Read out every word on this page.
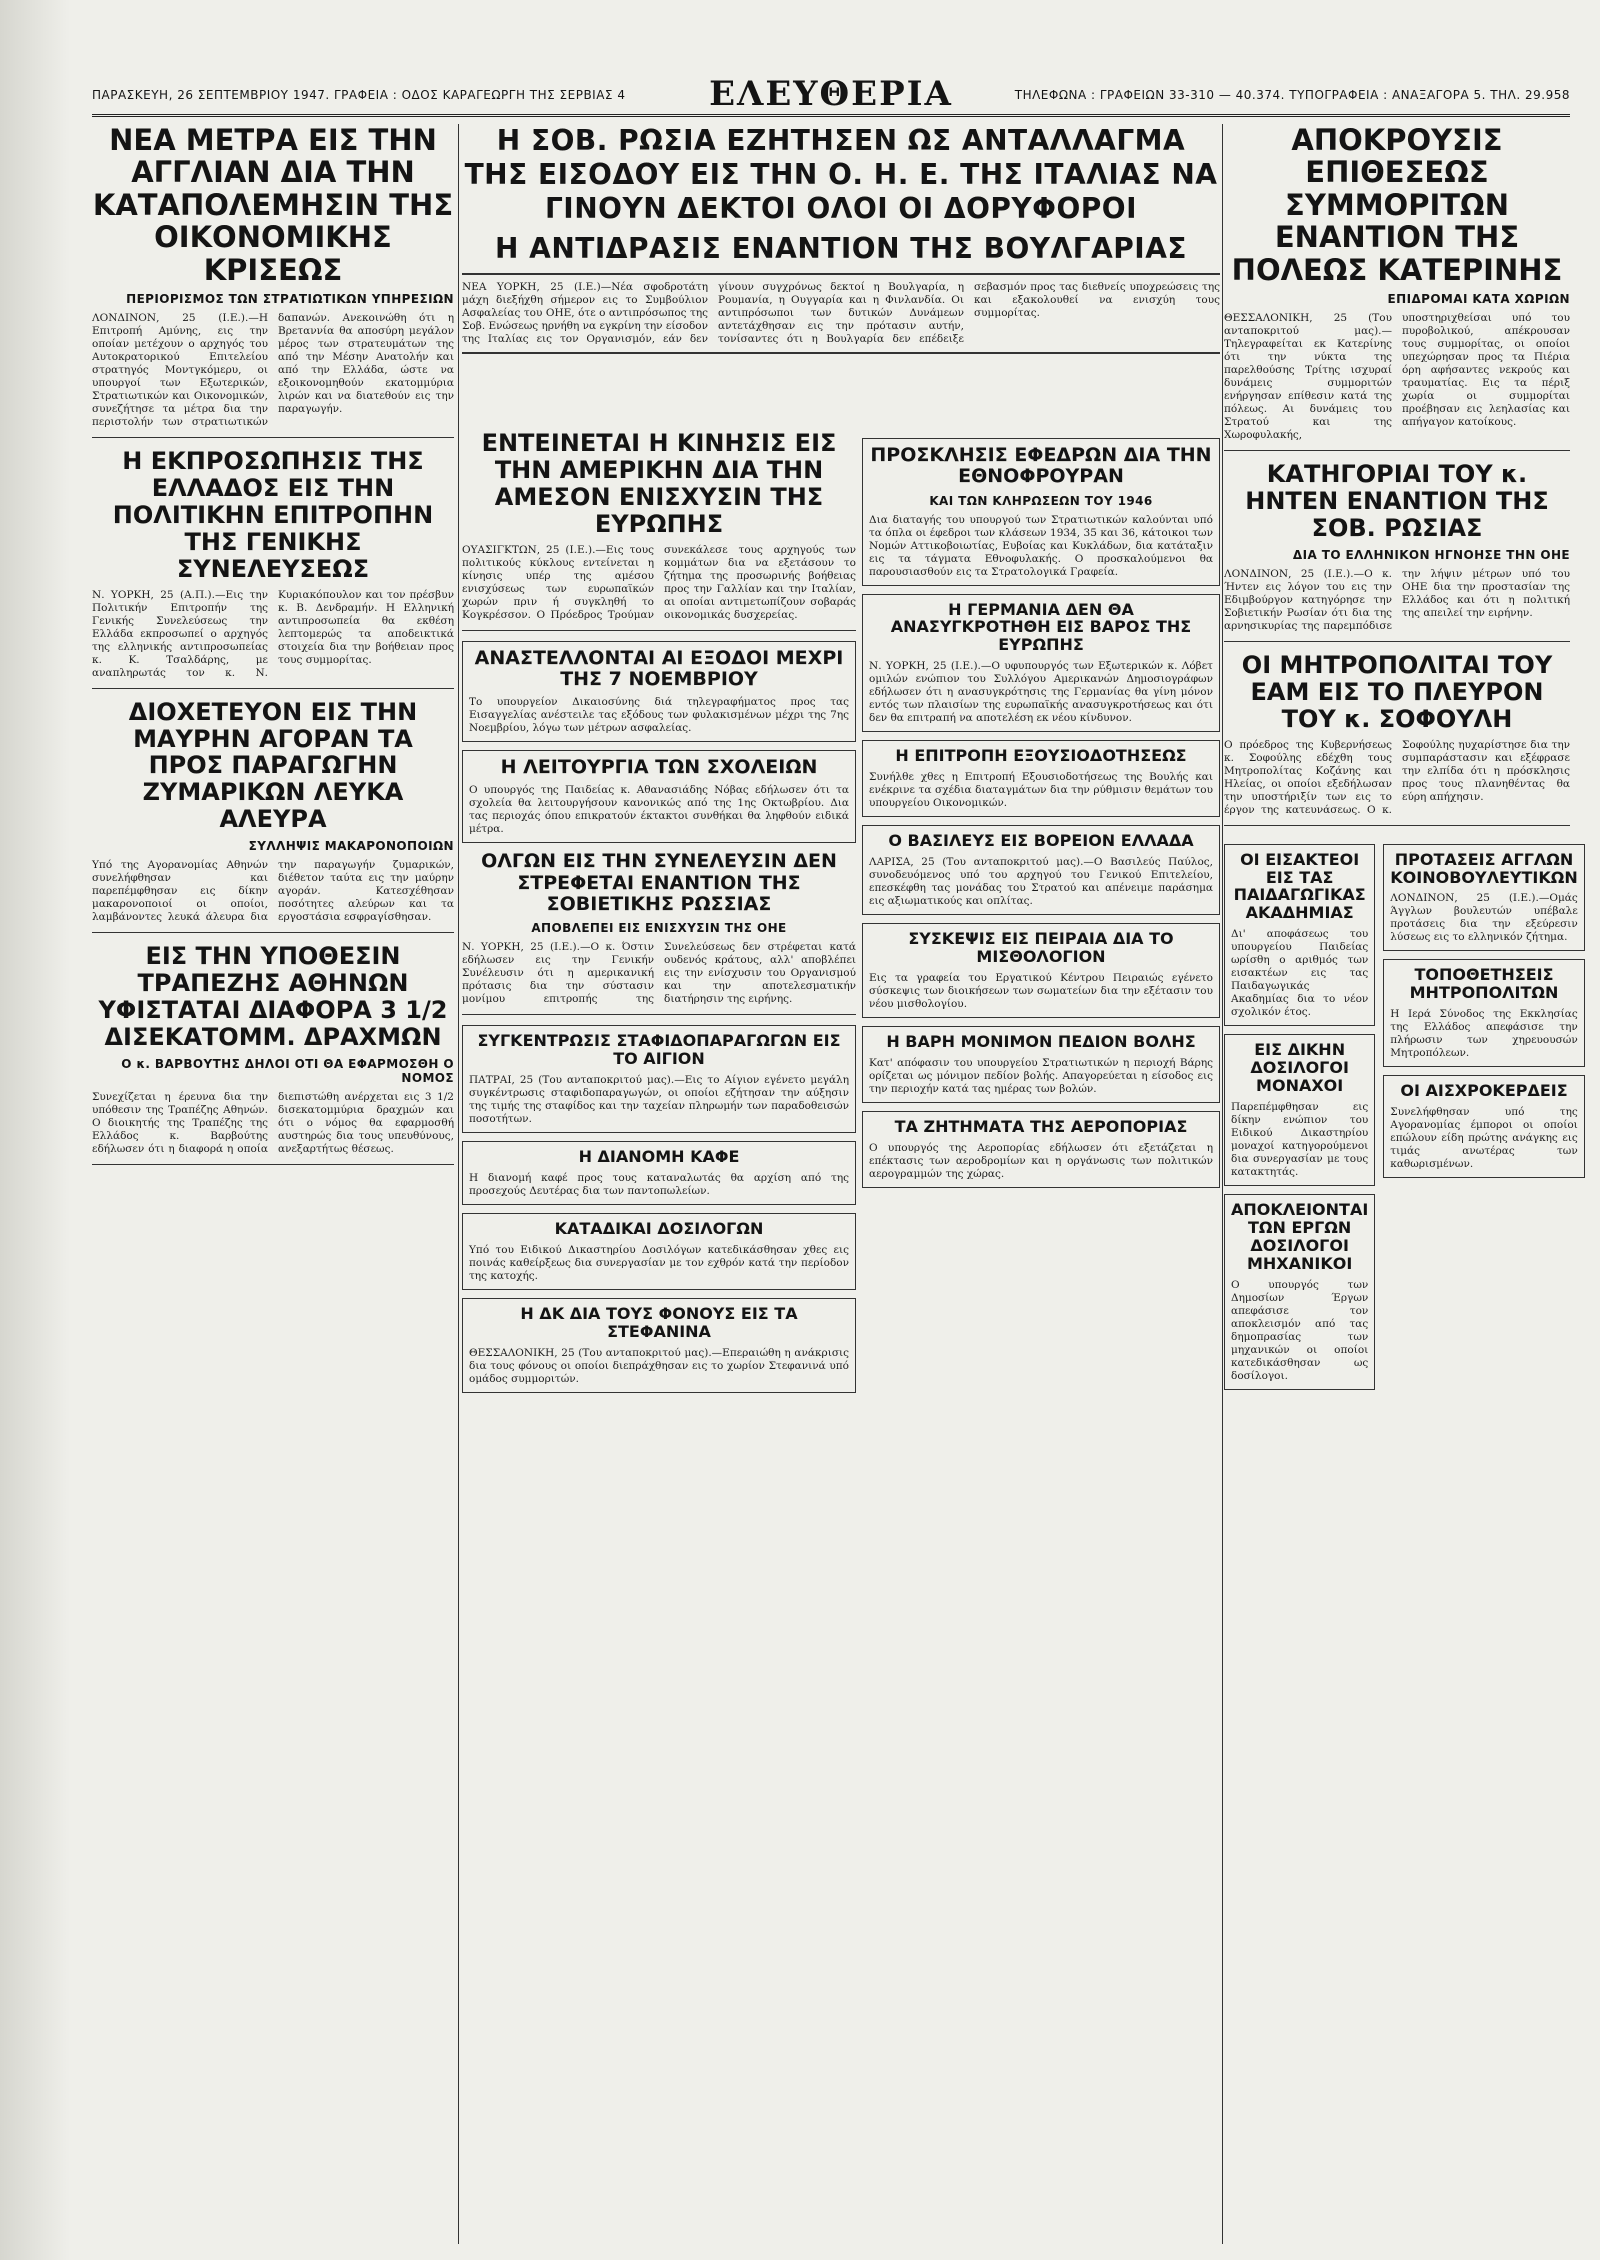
ΠΑΡΑΣΚΕΥΗ, 26 ΣΕΠΤΕΜΒΡΙΟΥ 1947. ΓΡΑΦΕΙΑ : ΟΔΟΣ ΚΑΡΑΓΕΩΡΓΗ ΤΗΣ ΣΕΡΒΙΑΣ 4	ΕΛΕΥΘΕΡΙΑ	ΤΗΛΕΦΩΝΑ : ΓΡΑΦΕΙΩΝ 33-310 — 40.374. ΤΥΠΟΓΡΑΦΕΙΑ : ΑΝΑΞΑΓΟΡΑ 5. ΤΗΛ. 29.958
ΝΕΑ ΜΕΤΡΑ ΕΙΣ ΤΗΝ ΑΓΓΛΙΑΝ ΔΙΑ ΤΗΝ ΚΑΤΑΠΟΛΕΜΗΣΙΝ ΤΗΣ ΟΙΚΟΝΟΜΙΚΗΣ ΚΡΙΣΕΩΣ
ΠΕΡΙΟΡΙΣΜΟΣ ΤΩΝ ΣΤΡΑΤΙΩΤΙΚΩΝ ΥΠΗΡΕΣΙΩΝ

ΛΟΝΔΙΝΟΝ, 25 (Ι.Ε.).—Η Επιτροπή Αμύνης, εις την οποίαν μετέχουν ο αρχηγός του Αυτοκρατορικού Επιτελείου στρατηγός Μοντγκόμερυ, οι υπουργοί των Εξωτερικών, Στρατιωτικών και Οικονομικών, συνεζήτησε τα μέτρα δια την περιστολήν των στρατιωτικών δαπανών. Ανεκοινώθη ότι η Βρεταννία θα αποσύρη μεγάλον μέρος των στρατευμάτων της από την Μέσην Ανατολήν και από την Ελλάδα, ώστε να εξοικονομηθούν εκατομμύρια λιρών και να διατεθούν εις την παραγωγήν.

Η ΕΚΠΡΟΣΩΠΗΣΙΣ ΤΗΣ ΕΛΛΑΔΟΣ ΕΙΣ ΤΗΝ ΠΟΛΙΤΙΚΗΝ ΕΠΙΤΡΟΠΗΝ ΤΗΣ ΓΕΝΙΚΗΣ ΣΥΝΕΛΕΥΣΕΩΣ

Ν. ΥΟΡΚΗ, 25 (Α.Π.).—Εις την Πολιτικήν Επιτροπήν της Γενικής Συνελεύσεως την Ελλάδα εκπροσωπεί ο αρχηγός της ελληνικής αντιπροσωπείας κ. Κ. Τσαλδάρης, με αναπληρωτάς τον κ. Ν. Κυριακόπουλον και τον πρέσβυν κ. Β. Δενδραμήν. Η Ελληνική αντιπροσωπεία θα εκθέση λεπτομερώς τα αποδεικτικά στοιχεία δια την βοήθειαν προς τους συμμορίτας.

ΔΙΟΧΕΤΕΥΟΝ ΕΙΣ ΤΗΝ ΜΑΥΡΗΝ ΑΓΟΡΑΝ ΤΑ ΠΡΟΣ ΠΑΡΑΓΩΓΗΝ ΖΥΜΑΡΙΚΩΝ ΛΕΥΚΑ ΑΛΕΥΡΑ
ΣΥΛΛΗΨΙΣ ΜΑΚΑΡΟΝΟΠΟΙΩΝ

Υπό της Αγορανομίας Αθηνών συνελήφθησαν και παρεπέμφθησαν εις δίκην μακαρονοποιοί οι οποίοι, λαμβάνοντες λευκά άλευρα δια την παραγωγήν ζυμαρικών, διέθετον ταύτα εις την μαύρην αγοράν. Κατεσχέθησαν ποσότητες αλεύρων και τα εργοστάσια εσφραγίσθησαν.

ΕΙΣ ΤΗΝ ΥΠΟΘΕΣΙΝ ΤΡΑΠΕΖΗΣ ΑΘΗΝΩΝ ΥΦΙΣΤΑΤΑΙ ΔΙΑΦΟΡΑ 3 1/2 ΔΙΣΕΚΑΤΟΜΜ. ΔΡΑΧΜΩΝ
Ο κ. ΒΑΡΒΟΥΤΗΣ ΔΗΛΟΙ ΟΤΙ ΘΑ ΕΦΑΡΜΟΣΘΗ Ο ΝΟΜΟΣ

Συνεχίζεται η έρευνα δια την υπόθεσιν της Τραπέζης Αθηνών. Ο διοικητής της Τραπέζης της Ελλάδος κ. Βαρβούτης εδήλωσεν ότι η διαφορά η οποία διεπιστώθη ανέρχεται εις 3 1/2 δισεκατομμύρια δραχμών και ότι ο νόμος θα εφαρμοσθή αυστηρώς δια τους υπευθύνους, ανεξαρτήτως θέσεως.

Η ΣΟΒ. ΡΩΣΙΑ ΕΖΗΤΗΣΕΝ ΩΣ ΑΝΤΑΛΛΑΓΜΑ ΤΗΣ ΕΙΣΟΔΟΥ ΕΙΣ ΤΗΝ Ο. Η. Ε. ΤΗΣ ΙΤΑΛΙΑΣ ΝΑ ΓΙΝΟΥΝ ΔΕΚΤΟΙ ΟΛΟΙ ΟΙ ΔΟΡΥΦΟΡΟΙ
Η ΑΝΤΙΔΡΑΣΙΣ ΕΝΑΝΤΙΟΝ ΤΗΣ ΒΟΥΛΓΑΡΙΑΣ

ΝΕΑ ΥΟΡΚΗ, 25 (Ι.Ε.)—Νέα σφοδροτάτη μάχη διεξήχθη σήμερον εις το Συμβούλιον Ασφαλείας του ΟΗΕ, ότε ο αντιπρόσωπος της Σοβ. Ενώσεως ηρνήθη να εγκρίνη την είσοδον της Ιταλίας εις τον Οργανισμόν, εάν δεν γίνουν συγχρόνως δεκτοί η Βουλγαρία, η Ρουμανία, η Ουγγαρία και η Φινλανδία. Οι αντιπρόσωποι των δυτικών Δυνάμεων αντετάχθησαν εις την πρότασιν αυτήν, τονίσαντες ότι η Βουλγαρία δεν επέδειξε σεβασμόν προς τας διεθνείς υποχρεώσεις της και εξακολουθεί να ενισχύη τους συμμορίτας.

ΕΝΤΕΙΝΕΤΑΙ Η ΚΙΝΗΣΙΣ ΕΙΣ ΤΗΝ ΑΜΕΡΙΚΗΝ ΔΙΑ ΤΗΝ ΑΜΕΣΟΝ ΕΝΙΣΧΥΣΙΝ ΤΗΣ ΕΥΡΩΠΗΣ

ΟΥΑΣΙΓΚΤΩΝ, 25 (Ι.Ε.).—Εις τους πολιτικούς κύκλους εντείνεται η κίνησις υπέρ της αμέσου ενισχύσεως των ευρωπαϊκών χωρών πριν ή συγκληθή το Κογκρέσσον. Ο Πρόεδρος Τρούμαν συνεκάλεσε τους αρχηγούς των κομμάτων δια να εξετάσουν το ζήτημα της προσωρινής βοήθειας προς την Γαλλίαν και την Ιταλίαν, αι οποίαι αντιμετωπίζουν σοβαράς οικονομικάς δυσχερείας.

ΑΝΑΣΤΕΛΛΟΝΤΑΙ ΑΙ ΕΞΟΔΟΙ ΜΕΧΡΙ ΤΗΣ 7 ΝΟΕΜΒΡΙΟΥ

Το υπουργείον Δικαιοσύνης διά τηλεγραφήματος προς τας Εισαγγελίας ανέστειλε τας εξόδους των φυλακισμένων μέχρι της 7ης Νοεμβρίου, λόγω των μέτρων ασφαλείας.

Η ΛΕΙΤΟΥΡΓΙΑ ΤΩΝ ΣΧΟΛΕΙΩΝ

Ο υπουργός της Παιδείας κ. Αθανασιάδης Νόβας εδήλωσεν ότι τα σχολεία θα λειτουργήσουν κανονικώς από της 1ης Οκτωβρίου. Δια τας περιοχάς όπου επικρατούν έκτακτοι συνθήκαι θα ληφθούν ειδικά μέτρα.

ΟΛΓΩΝ ΕΙΣ ΤΗΝ ΣΥΝΕΛΕΥΣΙΝ ΔΕΝ ΣΤΡΕΦΕΤΑΙ ΕΝΑΝΤΙΟΝ ΤΗΣ ΣΟΒΙΕΤΙΚΗΣ ΡΩΣΣΙΑΣ
ΑΠΟΒΛΕΠΕΙ ΕΙΣ ΕΝΙΣΧΥΣΙΝ ΤΗΣ ΟΗΕ

Ν. ΥΟΡΚΗ, 25 (Ι.Ε.).—Ο κ. Όστιν εδήλωσεν εις την Γενικήν Συνέλευσιν ότι η αμερικανική πρότασις δια την σύστασιν μονίμου επιτροπής της Συνελεύσεως δεν στρέφεται κατά ουδενός κράτους, αλλ' αποβλέπει εις την ενίσχυσιν του Οργανισμού και την αποτελεσματικήν διατήρησιν της ειρήνης.

ΣΥΓΚΕΝΤΡΩΣΙΣ ΣΤΑΦΙΔΟΠΑΡΑΓΩΓΩΝ ΕΙΣ ΤΟ ΑΙΓΙΟΝ

ΠΑΤΡΑΙ, 25 (Του ανταποκριτού μας).—Εις το Αίγιον εγένετο μεγάλη συγκέντρωσις σταφιδοπαραγωγών, οι οποίοι εζήτησαν την αύξησιν της τιμής της σταφίδος και την ταχείαν πληρωμήν των παραδοθεισών ποσοτήτων.

Η ΔΙΑΝΟΜΗ ΚΑΦΕ

Η διανομή καφέ προς τους καταναλωτάς θα αρχίση από της προσεχούς Δευτέρας δια των παντοπωλείων.

ΚΑΤΑΔΙΚΑΙ ΔΟΣΙΛΟΓΩΝ

Υπό του Ειδικού Δικαστηρίου Δοσιλόγων κατεδικάσθησαν χθες εις ποινάς καθείρξεως δια συνεργασίαν με τον εχθρόν κατά την περίοδον της κατοχής.

Η ΔΚ ΔΙΑ ΤΟΥΣ ΦΟΝΟΥΣ ΕΙΣ ΤΑ ΣΤΕΦΑΝΙΝΑ

ΘΕΣΣΑΛΟΝΙΚΗ, 25 (Του ανταποκριτού μας).—Επεραιώθη η ανάκρισις δια τους φόνους οι οποίοι διεπράχθησαν εις το χωρίον Στεφανινά υπό ομάδος συμμοριτών.

ΠΡΟΣΚΛΗΣΙΣ ΕΦΕΔΡΩΝ ΔΙΑ ΤΗΝ ΕΘΝΟΦΡΟΥΡΑΝ
ΚΑΙ ΤΩΝ ΚΛΗΡΩΣΕΩΝ ΤΟΥ 1946

Δια διαταγής του υπουργού των Στρατιωτικών καλούνται υπό τα όπλα οι έφεδροι των κλάσεων 1934, 35 και 36, κάτοικοι των Νομών Αττικοβοιωτίας, Ευβοίας και Κυκλάδων, δια κατάταξιν εις τα τάγματα Εθνοφυλακής. Ο προσκαλούμενοι θα παρουσιασθούν εις τα Στρατολογικά Γραφεία.

Η ΓΕΡΜΑΝΙΑ ΔΕΝ ΘΑ ΑΝΑΣΥΓΚΡΟΤΗΘΗ ΕΙΣ ΒΑΡΟΣ ΤΗΣ ΕΥΡΩΠΗΣ

Ν. ΥΟΡΚΗ, 25 (Ι.Ε.).—Ο υφυπουργός των Εξωτερικών κ. Λόβετ ομιλών ενώπιον του Συλλόγου Αμερικανών Δημοσιογράφων εδήλωσεν ότι η ανασυγκρότησις της Γερμανίας θα γίνη μόνον εντός των πλαισίων της ευρωπαϊκής ανασυγκροτήσεως και ότι δεν θα επιτραπή να αποτελέση εκ νέου κίνδυνον.

Η ΕΠΙΤΡΟΠΗ ΕΞΟΥΣΙΟΔΟΤΗΣΕΩΣ

Συνήλθε χθες η Επιτροπή Εξουσιοδοτήσεως της Βουλής και ενέκρινε τα σχέδια διαταγμάτων δια την ρύθμισιν θεμάτων του υπουργείου Οικονομικών.

Ο ΒΑΣΙΛΕΥΣ ΕΙΣ ΒΟΡΕΙΟΝ ΕΛΛΑΔΑ

ΛΑΡΙΣΑ, 25 (Του ανταποκριτού μας).—Ο Βασιλεύς Παύλος, συνοδευόμενος υπό του αρχηγού του Γενικού Επιτελείου, επεσκέφθη τας μονάδας του Στρατού και απένειμε παράσημα εις αξιωματικούς και οπλίτας.

ΣΥΣΚΕΨΙΣ ΕΙΣ ΠΕΙΡΑΙΑ ΔΙΑ ΤΟ ΜΙΣΘΟΛΟΓΙΟΝ

Εις τα γραφεία του Εργατικού Κέντρου Πειραιώς εγένετο σύσκεψις των διοικήσεων των σωματείων δια την εξέτασιν του νέου μισθολογίου.

Η ΒΑΡΗ ΜΟΝΙΜΟΝ ΠΕΔΙΟΝ ΒΟΛΗΣ

Κατ' απόφασιν του υπουργείου Στρατιωτικών η περιοχή Βάρης ορίζεται ως μόνιμον πεδίον βολής. Απαγορεύεται η είσοδος εις την περιοχήν κατά τας ημέρας των βολών.

ΤΑ ΖΗΤΗΜΑΤΑ ΤΗΣ ΑΕΡΟΠΟΡΙΑΣ

Ο υπουργός της Αεροπορίας εδήλωσεν ότι εξετάζεται η επέκτασις των αεροδρομίων και η οργάνωσις των πολιτικών αερογραμμών της χώρας.

ΑΠΟΚΡΟΥΣΙΣ ΕΠΙΘΕΣΕΩΣ ΣΥΜΜΟΡΙΤΩΝ ΕΝΑΝΤΙΟΝ ΤΗΣ ΠΟΛΕΩΣ ΚΑΤΕΡΙΝΗΣ
ΕΠΙΔΡΟΜΑΙ ΚΑΤΑ ΧΩΡΙΩΝ

ΘΕΣΣΑΛΟΝΙΚΗ, 25 (Του ανταποκριτού μας).—Τηλεγραφείται εκ Κατερίνης ότι την νύκτα της παρελθούσης Τρίτης ισχυραί δυνάμεις συμμοριτών ενήργησαν επίθεσιν κατά της πόλεως. Αι δυνάμεις του Στρατού και της Χωροφυλακής, υποστηριχθείσαι υπό του πυροβολικού, απέκρουσαν τους συμμορίτας, οι οποίοι υπεχώρησαν προς τα Πιέρια όρη αφήσαντες νεκρούς και τραυματίας. Εις τα πέριξ χωρία οι συμμορίται προέβησαν εις λεηλασίας και απήγαγον κατοίκους.

ΚΑΤΗΓΟΡΙΑΙ ΤΟΥ κ. ΗΝΤΕΝ ΕΝΑΝΤΙΟΝ ΤΗΣ ΣΟΒ. ΡΩΣΙΑΣ
ΔΙΑ ΤΟ ΕΛΛΗΝΙΚΟΝ ΗΓΝΟΗΣΕ ΤΗΝ ΟΗΕ

ΛΟΝΔΙΝΟΝ, 25 (Ι.Ε.).—Ο κ. Ήντεν εις λόγον του εις την Εδιμβούργον κατηγόρησε την Σοβιετικήν Ρωσίαν ότι δια της αρνησικυρίας της παρεμπόδισε την λήψιν μέτρων υπό του ΟΗΕ δια την προστασίαν της Ελλάδος και ότι η πολιτική της απειλεί την ειρήνην.

ΟΙ ΜΗΤΡΟΠΟΛΙΤΑΙ ΤΟΥ ΕΑΜ ΕΙΣ ΤΟ ΠΛΕΥΡΟΝ ΤΟΥ κ. ΣΟΦΟΥΛΗ

Ο πρόεδρος της Κυβερνήσεως κ. Σοφούλης εδέχθη τους Μητροπολίτας Κοζάνης και Ηλείας, οι οποίοι εξεδήλωσαν την υποστήριξίν των εις το έργον της κατευνάσεως. Ο κ. Σοφούλης ηυχαρίστησε δια την συμπαράστασιν και εξέφρασε την ελπίδα ότι η πρόσκλησις προς τους πλανηθέντας θα εύρη απήχησιν.

ΟΙ ΕΙΣΑΚΤΕΟΙ ΕΙΣ ΤΑΣ ΠΑΙΔΑΓΩΓΙΚΑΣ ΑΚΑΔΗΜΙΑΣ

Δι' αποφάσεως του υπουργείου Παιδείας ωρίσθη ο αριθμός των εισακτέων εις τας Παιδαγωγικάς Ακαδημίας δια το νέον σχολικόν έτος.

ΕΙΣ ΔΙΚΗΝ ΔΟΣΙΛΟΓΟΙ ΜΟΝΑΧΟΙ

Παρεπέμφθησαν εις δίκην ενώπιον του Ειδικού Δικαστηρίου μοναχοί κατηγορούμενοι δια συνεργασίαν με τους κατακτητάς.

ΑΠΟΚΛΕΙΟΝΤΑΙ ΤΩΝ ΕΡΓΩΝ ΔΟΣΙΛΟΓΟΙ ΜΗΧΑΝΙΚΟΙ

Ο υπουργός των Δημοσίων Έργων απεφάσισε τον αποκλεισμόν από τας δημοπρασίας των μηχανικών οι οποίοι κατεδικάσθησαν ως δοσίλογοι.

ΠΡΟΤΑΣΕΙΣ ΑΓΓΛΩΝ ΚΟΙΝΟΒΟΥΛΕΥΤΙΚΩΝ

ΛΟΝΔΙΝΟΝ, 25 (Ι.Ε.).—Ομάς Άγγλων βουλευτών υπέβαλε προτάσεις δια την εξεύρεσιν λύσεως εις το ελληνικόν ζήτημα.

ΤΟΠΟΘΕΤΗΣΕΙΣ ΜΗΤΡΟΠΟΛΙΤΩΝ

Η Ιερά Σύνοδος της Εκκλησίας της Ελλάδος απεφάσισε την πλήρωσιν των χηρευουσών Μητροπόλεων.

ΟΙ ΑΙΣΧΡΟΚΕΡΔΕΙΣ

Συνελήφθησαν υπό της Αγορανομίας έμποροι οι οποίοι επώλουν είδη πρώτης ανάγκης εις τιμάς ανωτέρας των καθωρισμένων.
